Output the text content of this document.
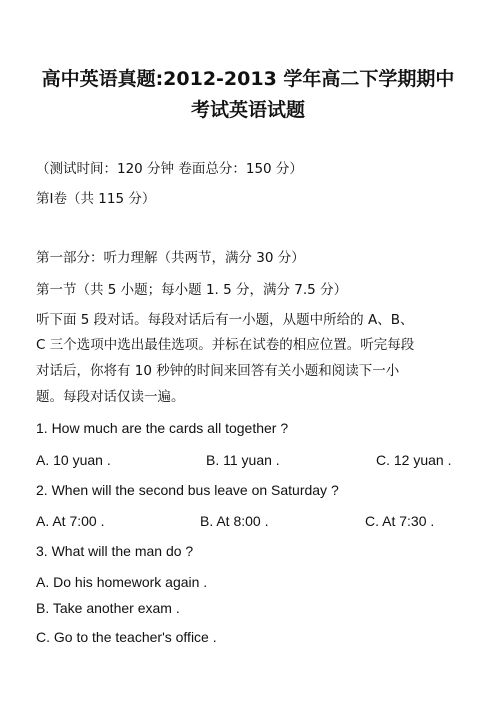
高中英语真题:2012-2013 学年高二下学期期中
考试英语试题
（测试时间：120 分钟 卷面总分：150 分）
第Ⅰ卷（共 115 分）
第一部分：听力理解（共两节，满分 30 分）
第一节（共 5 小题；每小题 1. 5 分，满分 7.5 分）
听下面 5 段对话。每段对话后有一小题，从题中所给的 A、B、
C 三个选项中选出最佳选项。并标在试卷的相应位置。听完每段
对话后，你将有 10 秒钟的时间来回答有关小题和阅读下一小
题。每段对话仅读一遍。
1. How much are the cards all together ?
A. 10 yuan .	B. 11 yuan .	C. 12 yuan .
2. When will the second bus leave on Saturday ?
A. At 7:00 .	B. At 8:00 .	C. At 7:30 .
3. What will the man do ?
A. Do his homework again .
B. Take another exam .
C. Go to the teacher's office .
